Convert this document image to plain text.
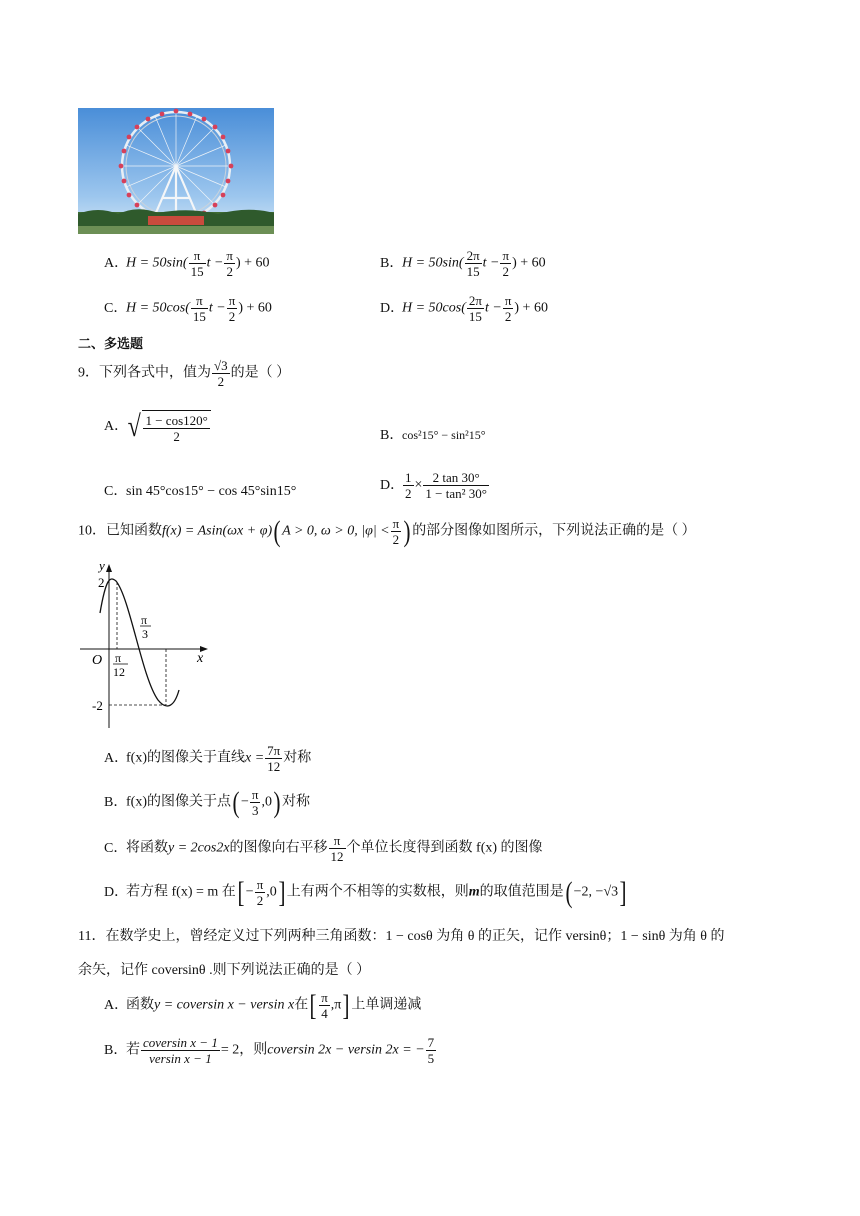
A．$H = 50\sin( \frac{\pi}{15}$ $t - \frac{\pi}{2}$ ) + 60	B．$H = 50\sin( \frac{2\pi}{15}$ $t - \frac{\pi}{2}$ ) + 60
C．$H = 50\cos( \frac{\pi}{15}$ $t - \frac{\pi}{2}$ ) + 60	D．$H = 50\cos( \frac{2\pi}{15}$ $t - \frac{\pi}{2}$ ) + 60
二、多选题
9．下列各式中，值为 $\frac{√3}{2}$ 的是（ ）
A．√ $\frac{1 - \cos 120^\circ}{2}$	B．cos²15° − sin²15°
C．sin 45°cos15° − cos 45°sin15°	D．
$\frac{1}{2} \times \frac{2 \tan 30^\circ}{\text{1 − tan² 30°}}$
10．已知函数f(x) = Asin(ωx + φ)( A > 0, ω > 0, $|\varphi| < \frac{\pi}{2}$ ) 的部分图像如图所示，下列说法正确的是（ ）
y
x
O
2
-2
π
12
π
3
A．f(x)的图像关于直线$x = \frac{7\pi}{12}$ 对称
B．f(x)的图像关于点( − $\frac{\pi}{3} ,0$) 对称
C．将函数y = 2cos2x的图像向右平移 $\frac{\pi}{12}$ 个单位长度得到函数 f(x) 的图像
D．若方程 f(x) = m 在[ − $\frac{\pi}{2} ,0$] 上有两个不相等的实数根，则m的取值范围是( −2, −√3]
11．在数学史上，曾经定义过下列两种三角函数：1 − cosθ 为角 θ 的正矢，记作 versinθ；1 − sinθ 为角 θ 的
余矢，记作 coversinθ .则下列说法正确的是（ ）
A．函数y = coversin x − versin x在[ $\frac{\pi}{4} ,\pi$] 上单调递减
B．若 $\frac{\text{coversin x − 1}}{\text{versin x − 1}} = 2$，则coversin 2x − versin 2x = − $\frac{7}{5}$
